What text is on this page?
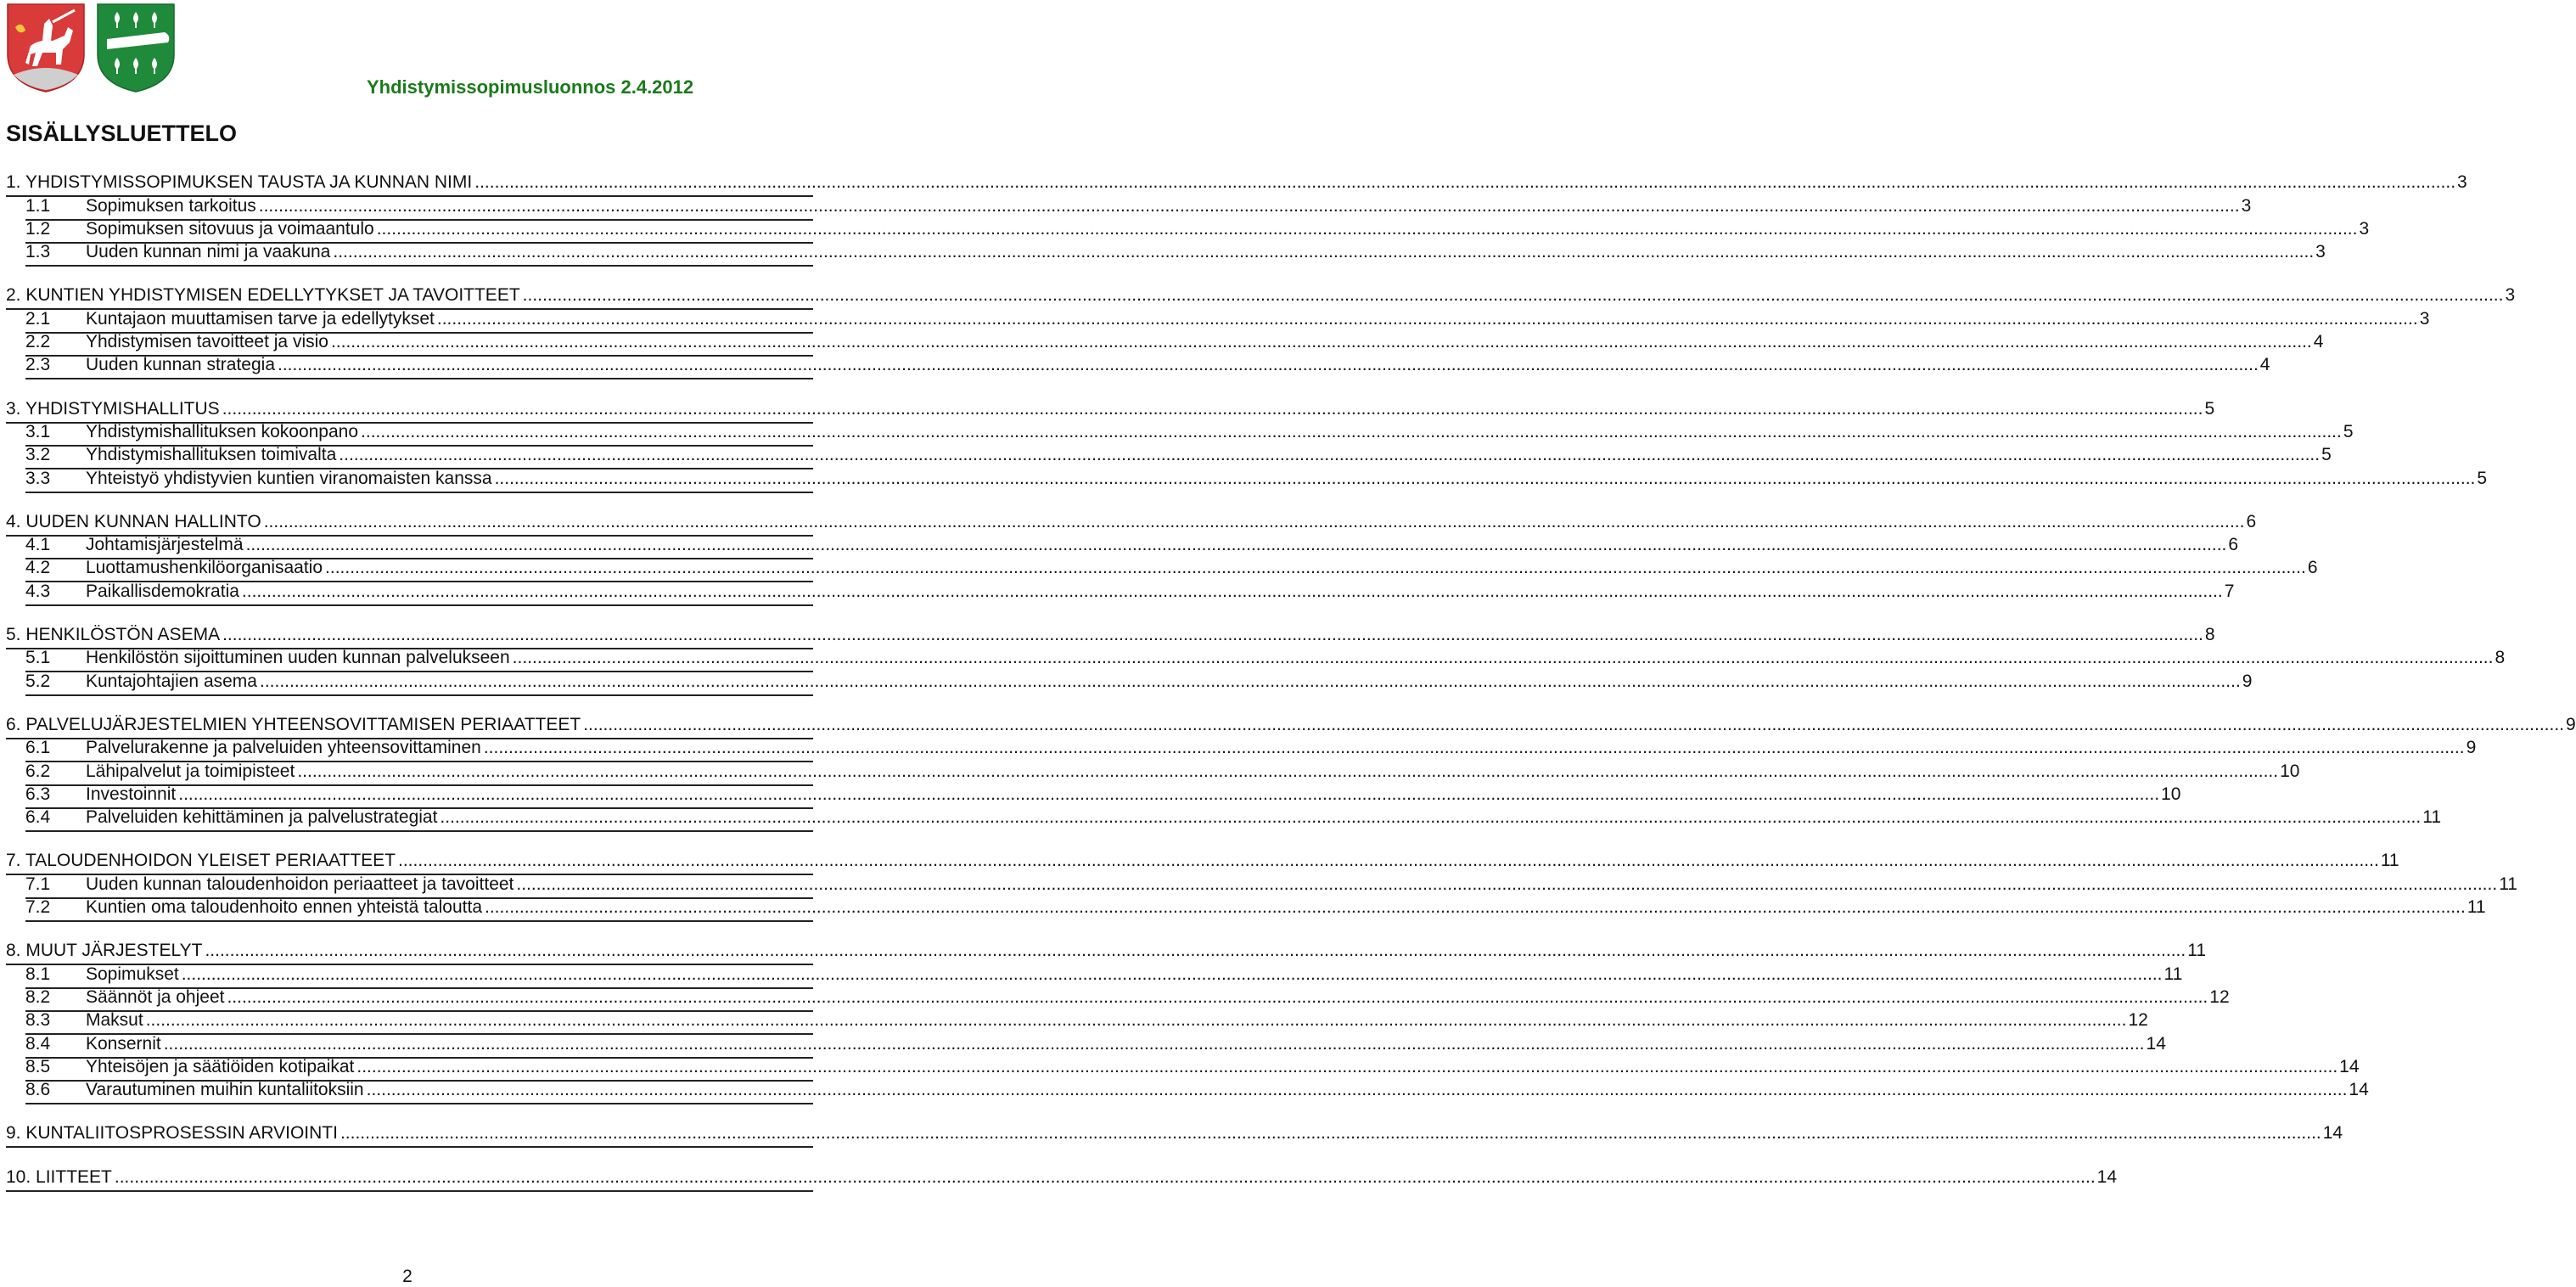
Yhdistymissopimusluonnos 2.4.2012
SISÄLLYSLUETTELO
1. YHDISTYMISSOPIMUKSEN TAUSTA JA KUNNAN NIMI ................................................................................................................................................................................................................................................................................................................................................................................................................ 3
1.1	Sopimuksen tarkoitus ................................................................................................................................................................................................................................................................................................................................................................................................................ 3
1.2	Sopimuksen sitovuus ja voimaantulo ................................................................................................................................................................................................................................................................................................................................................................................................................ 3
1.3	Uuden kunnan nimi ja vaakuna ................................................................................................................................................................................................................................................................................................................................................................................................................ 3
2. KUNTIEN YHDISTYMISEN EDELLYTYKSET JA TAVOITTEET ................................................................................................................................................................................................................................................................................................................................................................................................................ 3
2.1	Kuntajaon muuttamisen tarve ja edellytykset ................................................................................................................................................................................................................................................................................................................................................................................................................ 3
2.2	Yhdistymisen tavoitteet ja visio ................................................................................................................................................................................................................................................................................................................................................................................................................ 4
2.3	Uuden kunnan strategia ................................................................................................................................................................................................................................................................................................................................................................................................................ 4
3. YHDISTYMISHALLITUS ................................................................................................................................................................................................................................................................................................................................................................................................................ 5
3.1	Yhdistymishallituksen kokoonpano ................................................................................................................................................................................................................................................................................................................................................................................................................ 5
3.2	Yhdistymishallituksen toimivalta ................................................................................................................................................................................................................................................................................................................................................................................................................ 5
3.3	Yhteistyö yhdistyvien kuntien viranomaisten kanssa ................................................................................................................................................................................................................................................................................................................................................................................................................ 5
4. UUDEN KUNNAN HALLINTO ................................................................................................................................................................................................................................................................................................................................................................................................................ 6
4.1	Johtamisjärjestelmä ................................................................................................................................................................................................................................................................................................................................................................................................................ 6
4.2	Luottamushenkilöorganisaatio ................................................................................................................................................................................................................................................................................................................................................................................................................ 6
4.3	Paikallisdemokratia ................................................................................................................................................................................................................................................................................................................................................................................................................ 7
5. HENKILÖSTÖN ASEMA ................................................................................................................................................................................................................................................................................................................................................................................................................ 8
5.1	Henkilöstön sijoittuminen uuden kunnan palvelukseen ................................................................................................................................................................................................................................................................................................................................................................................................................ 8
5.2	Kuntajohtajien asema ................................................................................................................................................................................................................................................................................................................................................................................................................ 9
6. PALVELUJÄRJESTELMIEN YHTEENSOVITTAMISEN PERIAATTEET ................................................................................................................................................................................................................................................................................................................................................................................................................ 9
6.1	Palvelurakenne ja palveluiden yhteensovittaminen ................................................................................................................................................................................................................................................................................................................................................................................................................ 9
6.2	Lähipalvelut ja toimipisteet ................................................................................................................................................................................................................................................................................................................................................................................................................ 10
6.3	Investoinnit ................................................................................................................................................................................................................................................................................................................................................................................................................ 10
6.4	Palveluiden kehittäminen ja palvelustrategiat ................................................................................................................................................................................................................................................................................................................................................................................................................ 11
7. TALOUDENHOIDON YLEISET PERIAATTEET ................................................................................................................................................................................................................................................................................................................................................................................................................ 11
7.1	Uuden kunnan taloudenhoidon periaatteet ja tavoitteet ................................................................................................................................................................................................................................................................................................................................................................................................................ 11
7.2	Kuntien oma taloudenhoito ennen yhteistä taloutta ................................................................................................................................................................................................................................................................................................................................................................................................................ 11
8. MUUT JÄRJESTELYT ................................................................................................................................................................................................................................................................................................................................................................................................................ 11
8.1	Sopimukset ................................................................................................................................................................................................................................................................................................................................................................................................................ 11
8.2	Säännöt ja ohjeet ................................................................................................................................................................................................................................................................................................................................................................................................................ 12
8.3	Maksut ................................................................................................................................................................................................................................................................................................................................................................................................................ 12
8.4	Konsernit ................................................................................................................................................................................................................................................................................................................................................................................................................ 14
8.5	Yhteisöjen ja säätiöiden kotipaikat ................................................................................................................................................................................................................................................................................................................................................................................................................ 14
8.6	Varautuminen muihin kuntaliitoksiin ................................................................................................................................................................................................................................................................................................................................................................................................................ 14
9. KUNTALIITOSPROSESSIN ARVIOINTI ................................................................................................................................................................................................................................................................................................................................................................................................................ 14
10. LIITTEET ................................................................................................................................................................................................................................................................................................................................................................................................................ 14
2
